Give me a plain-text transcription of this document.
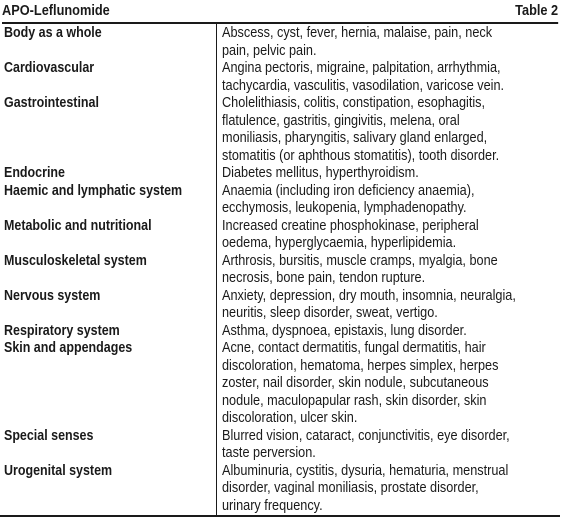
APO-Leflunomide	Table 2
Body as a whole	Abscess, cyst, fever, hernia, malaise, pain, neck
pain, pelvic pain.
Cardiovascular	Angina pectoris, migraine, palpitation, arrhythmia,
tachycardia, vasculitis, vasodilation, varicose vein.
Gastrointestinal	Cholelithiasis, colitis, constipation, esophagitis,
flatulence, gastritis, gingivitis, melena, oral
moniliasis, pharyngitis, salivary gland enlarged,
stomatitis (or aphthous stomatitis), tooth disorder.
Endocrine	Diabetes mellitus, hyperthyroidism.
Haemic and lymphatic system	Anaemia (including iron deficiency anaemia),
ecchymosis, leukopenia, lymphadenopathy.
Metabolic and nutritional	Increased creatine phosphokinase, peripheral
oedema, hyperglycaemia, hyperlipidemia.
Musculoskeletal system	Arthrosis, bursitis, muscle cramps, myalgia, bone
necrosis, bone pain, tendon rupture.
Nervous system	Anxiety, depression, dry mouth, insomnia, neuralgia,
neuritis, sleep disorder, sweat, vertigo.
Respiratory system	Asthma, dyspnoea, epistaxis, lung disorder.
Skin and appendages	Acne, contact dermatitis, fungal dermatitis, hair
discoloration, hematoma, herpes simplex, herpes
zoster, nail disorder, skin nodule, subcutaneous
nodule, maculopapular rash, skin disorder, skin
discoloration, ulcer skin.
Special senses	Blurred vision, cataract, conjunctivitis, eye disorder,
taste perversion.
Urogenital system	Albuminuria, cystitis, dysuria, hematuria, menstrual
disorder, vaginal moniliasis, prostate disorder,
urinary frequency.
